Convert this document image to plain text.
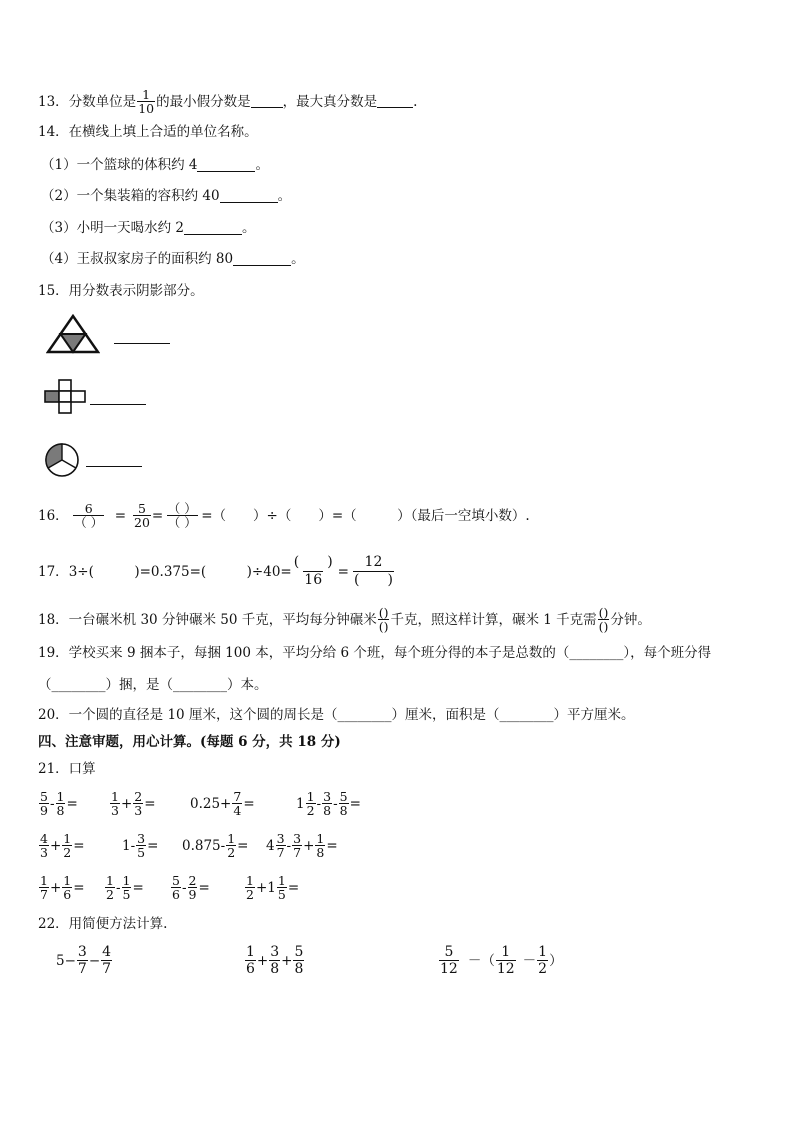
13． 分数单位是 1
10 的最小假分数是 ，最大真分数是	.
14．在横线上填上合适的单位名称。
（1）一个篮球的体积约 4	。
（2）一个集装箱的容积约 40	。
（3）小明一天喝水约 2	。
（4）王叔叔家房子的面积约 80	。
15．用分数表示阴影部分。
16． 6
（ ） = $\frac{5}{20}$ = （ ）
（ ） =（　　）÷（　　）=（　　　）（最后一空填小数）.
17． 3÷(　　　)=0.375=(　　　)÷40=
(　　)
16
=
12
(　　)
18．一台碾米机 30 分钟碾米 50 千克，平均每分钟碾米 ()
() 千克，照这样计算，碾米 1 千克需 ()
() 分钟。
19．学校买来 9 捆本子，每捆 100 本，平均分给 6 个班，每个班分得的本子是总数的（________），每个班分得
（________）捆，是（________）本。
20．一个圆的直径是 10 厘米，这个圆的周长是（________）厘米，面积是（________）平方厘米。
四、注意审题，用心计算。(每题 6 分，共 18 分)
21．口算
5
$9 - \frac{1}{8}$ =	1
$3 + \frac{2}{3}$ =	$0.25+ \frac{7}{4}$ =	1 1
2 - 3
$8 - \frac{5}{8}$ =
4
$3 + \frac{1}{2}$ =	$1- \frac{3}{5} = 0.875- \frac{1}{2} = 4$ 3
7 - 3
$7 + \frac{1}{8}$ =
1
$7 + \frac{1}{6} = 1$
$2 - \frac{1}{5} = 5$
$6 - \frac{2}{9}$ =	1
$2 + 1 \frac{1}{5}$ =
22．用简便方法计算.
$5- \frac{3}{7} - \frac{4}{7}$	1
6
+ $\frac{3}{8} + \frac{5}{8}$	5
12
－（
1
12
－
1
2
）
